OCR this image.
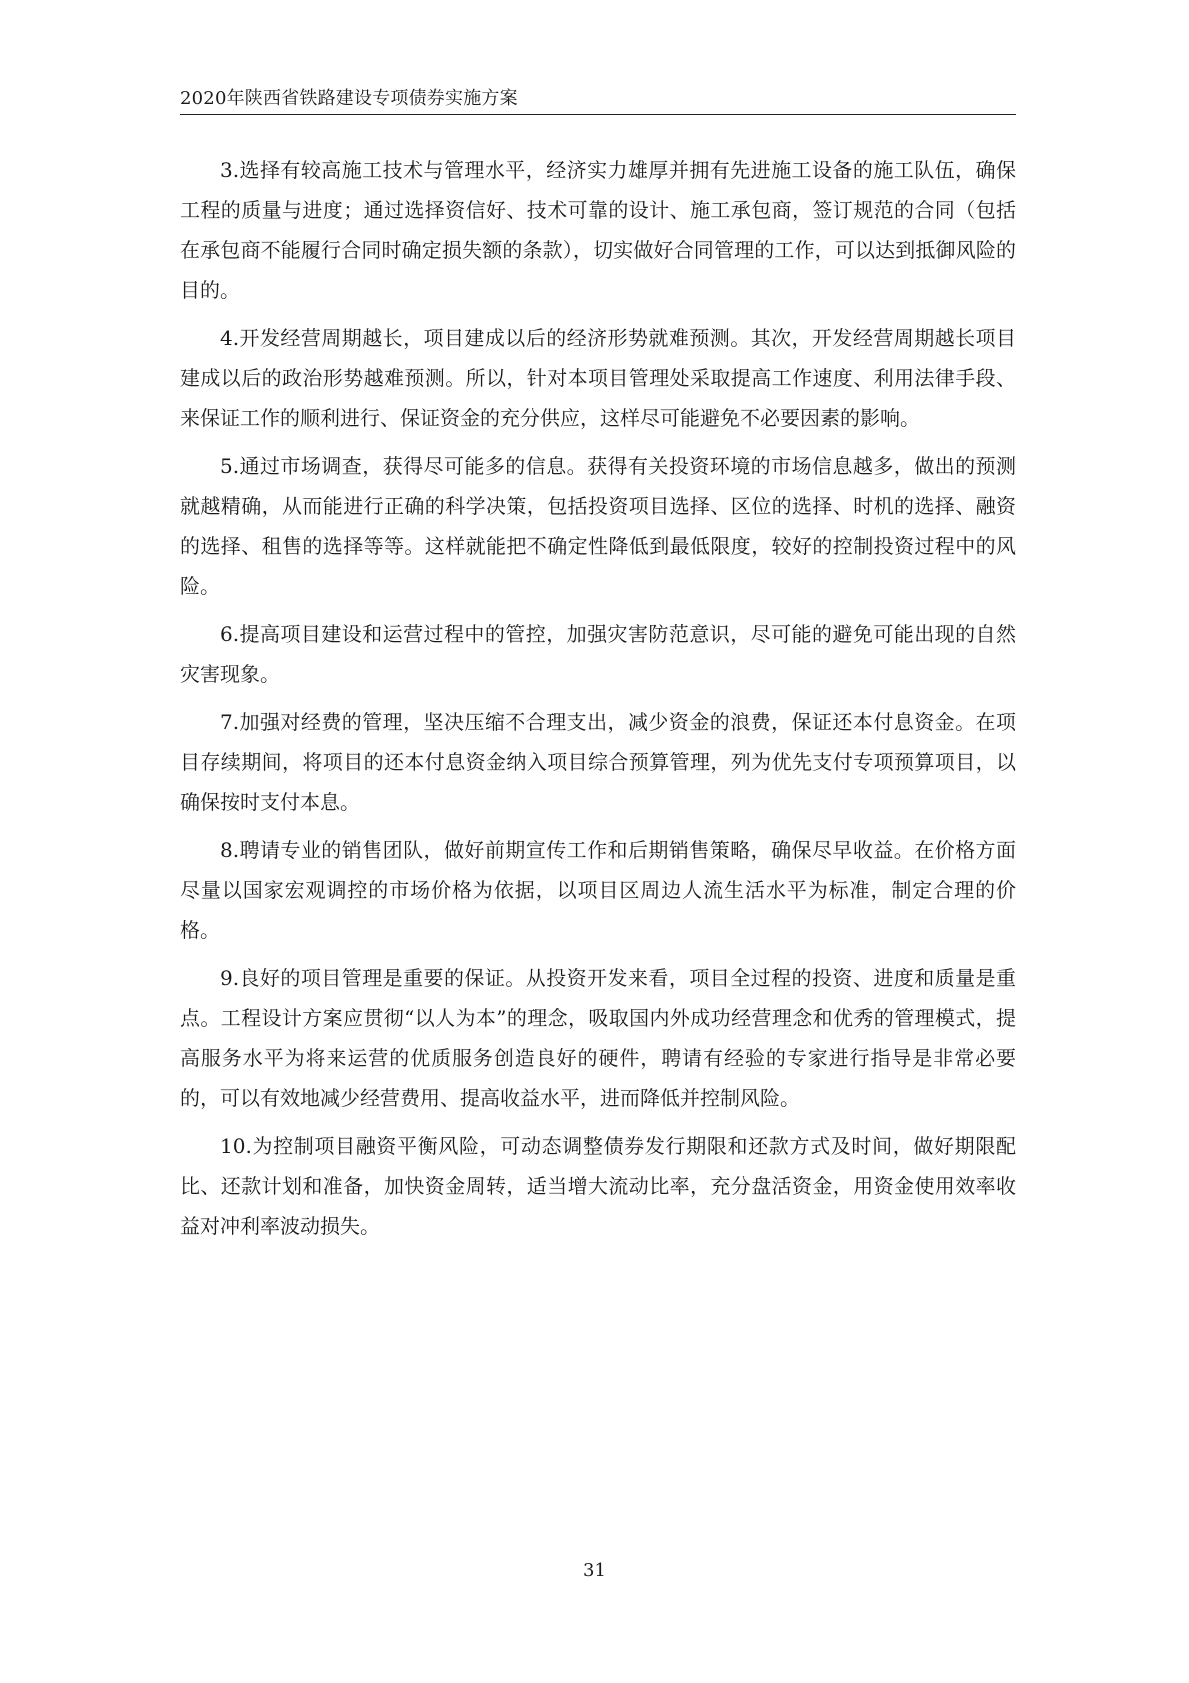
2020年陕西省铁路建设专项债券实施方案

3.选择有较高施工技术与管理水平，经济实力雄厚并拥有先进施工设备的施工队伍，确保工程的质量与进度；通过选择资信好、技术可靠的设计、施工承包商，签订规范的合同（包括在承包商不能履行合同时确定损失额的条款），切实做好合同管理的工作，可以达到抵御风险的目的。

4.开发经营周期越长，项目建成以后的经济形势就难预测。其次，开发经营周期越长项目建成以后的政治形势越难预测。所以，针对本项目管理处采取提高工作速度、利用法律手段、来保证工作的顺利进行、保证资金的充分供应，这样尽可能避免不必要因素的影响。

5.通过市场调查，获得尽可能多的信息。获得有关投资环境的市场信息越多，做出的预测就越精确，从而能进行正确的科学决策，包括投资项目选择、区位的选择、时机的选择、融资的选择、租售的选择等等。这样就能把不确定性降低到最低限度，较好的控制投资过程中的风险。

6.提高项目建设和运营过程中的管控，加强灾害防范意识，尽可能的避免可能出现的自然灾害现象。

7.加强对经费的管理，坚决压缩不合理支出，减少资金的浪费，保证还本付息资金。在项目存续期间，将项目的还本付息资金纳入项目综合预算管理，列为优先支付专项预算项目，以确保按时支付本息。

8.聘请专业的销售团队，做好前期宣传工作和后期销售策略，确保尽早收益。在价格方面尽量以国家宏观调控的市场价格为依据，以项目区周边人流生活水平为标准，制定合理的价格。

9.良好的项目管理是重要的保证。从投资开发来看，项目全过程的投资、进度和质量是重点。工程设计方案应贯彻“以人为本”的理念，吸取国内外成功经营理念和优秀的管理模式，提高服务水平为将来运营的优质服务创造良好的硬件，聘请有经验的专家进行指导是非常必要的，可以有效地减少经营费用、提高收益水平，进而降低并控制风险。

10.为控制项目融资平衡风险，可动态调整债券发行期限和还款方式及时间，做好期限配比、还款计划和准备，加快资金周转，适当增大流动比率，充分盘活资金，用资金使用效率收益对冲利率波动损失。

31
